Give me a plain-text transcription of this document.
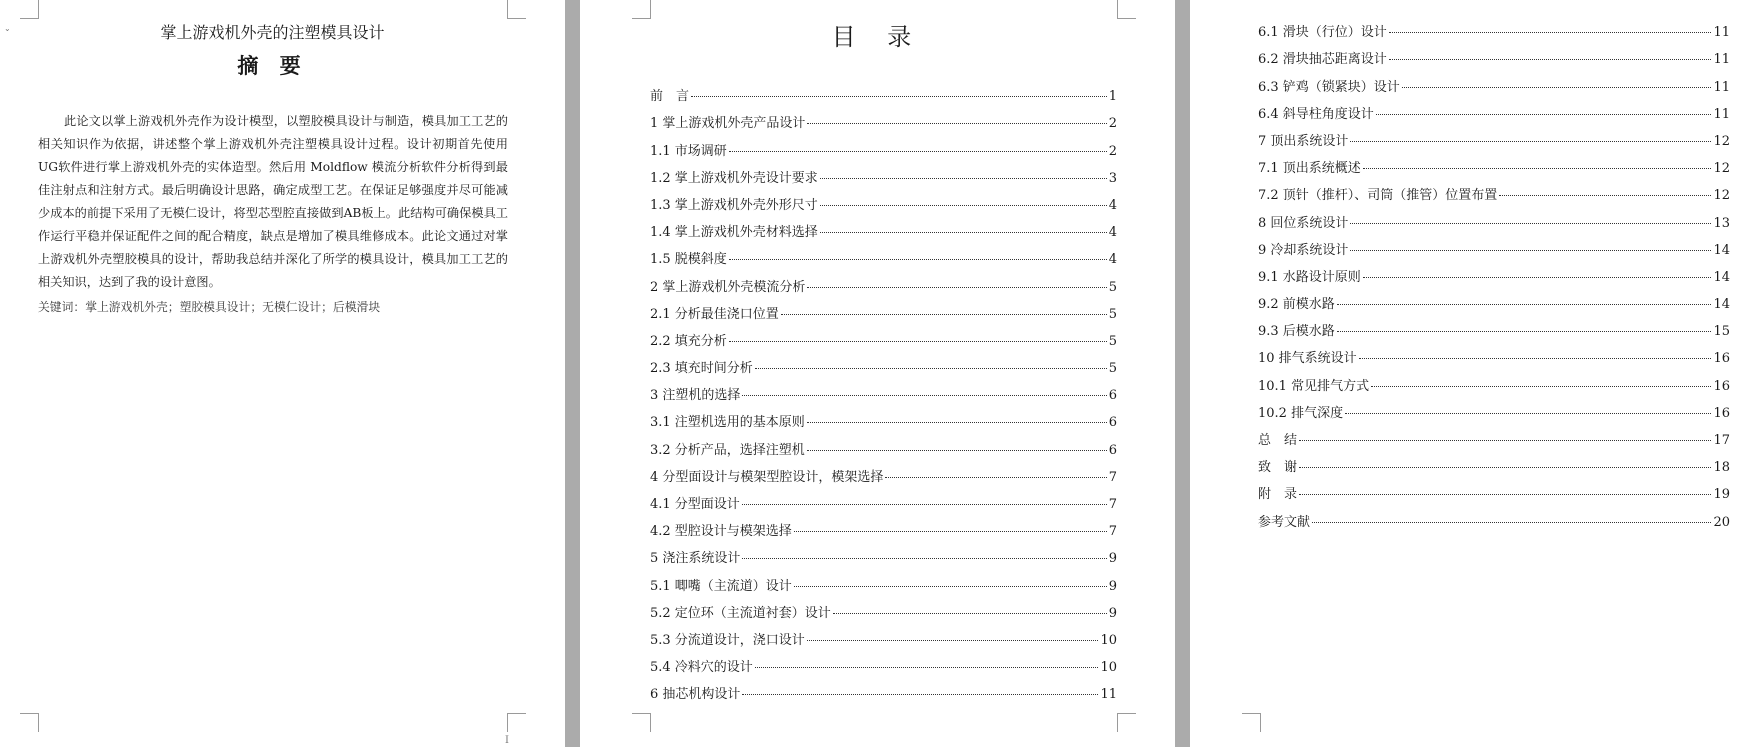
⌄	掌上游戏机外壳的注塑模具设计
摘 要

此论文以掌上游戏机外壳作为设计模型，以塑胶模具设计与制造，模具加工工艺的相关知识作为依据，讲述整个掌上游戏机外壳注塑模具设计过程。设计初期首先使用 UG软件进行掌上游戏机外壳的实体造型。然后用 Moldflow 模流分析软件分析得到最佳注射点和注射方式。最后明确设计思路，确定成型工艺。在保证足够强度并尽可能减少成本的前提下采用了无模仁设计，将型芯型腔直接做到AB板上。此结构可确保模具工作运行平稳并保证配件之间的配合精度，缺点是增加了模具维修成本。此论文通过对掌上游戏机外壳塑胶模具的设计，帮助我总结并深化了所学的模具设计，模具加工工艺的相关知识，达到了我的设计意图。

关键词：掌上游戏机外壳；塑胶模具设计；无模仁设计；后模滑块
I
目 录
前　言	1
1 掌上游戏机外壳产品设计	2
1.1 市场调研	2
1.2 掌上游戏机外壳设计要求	3
1.3 掌上游戏机外壳外形尺寸	4
1.4 掌上游戏机外壳材料选择	4
1.5 脱模斜度	4
2 掌上游戏机外壳模流分析	5
2.1 分析最佳浇口位置	5
2.2 填充分析	5
2.3 填充时间分析	5
3 注塑机的选择	6
3.1 注塑机选用的基本原则	6
3.2 分析产品，选择注塑机	6
4 分型面设计与模架型腔设计，模架选择	7
4.1 分型面设计	7
4.2 型腔设计与模架选择	7
5 浇注系统设计	9
5.1 唧嘴（主流道）设计	9
5.2 定位环（主流道衬套）设计	9
5.3 分流道设计，浇口设计	10
5.4 冷料穴的设计	10
6 抽芯机构设计	11
6.1 滑块（行位）设计	11
6.2 滑块抽芯距离设计	11
6.3 铲鸡（锁紧块）设计	11
6.4 斜导柱角度设计	11
7 顶出系统设计	12
7.1 顶出系统概述	12
7.2 顶针（推杆）、司筒（推管）位置布置	12
8 回位系统设计	13
9 冷却系统设计	14
9.1 水路设计原则	14
9.2 前模水路	14
9.3 后模水路	15
10 排气系统设计	16
10.1 常见排气方式	16
10.2 排气深度	16
总　结	17
致　谢	18
附　录	19
参考文献	20
